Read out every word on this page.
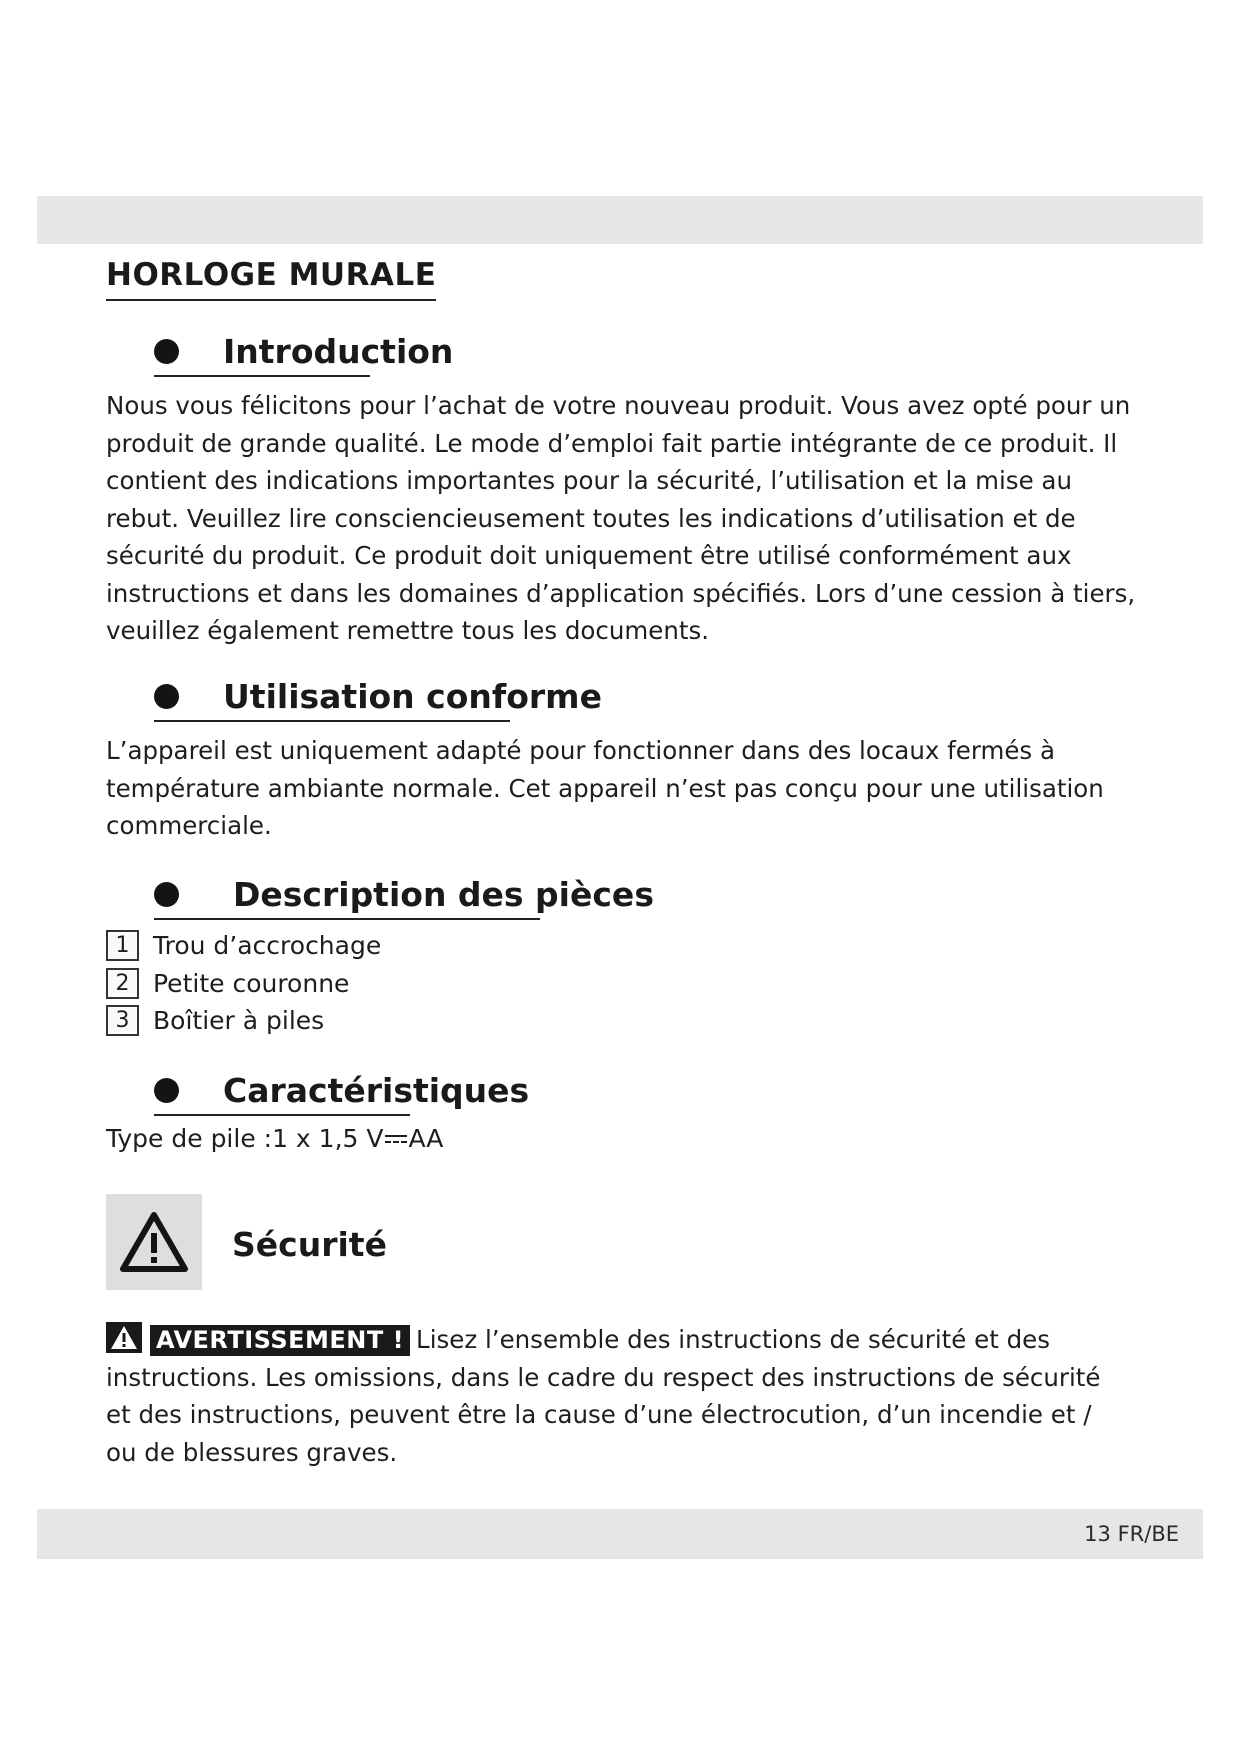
HORLOGE MURALE
Introduction

Nous vous félicitons pour l’achat de votre nouveau produit. Vous avez opté pour un produit de grande qualité. Le mode d’emploi fait partie intégrante de ce produit. Il contient des indications importantes pour la sécurité, l’utilisation et la mise au rebut. Veuillez lire consciencieusement toutes les indications d’utilisation et de sécurité du produit. Ce produit doit uniquement être utilisé conformément aux instructions et dans les domaines d’application spécifiés. Lors d’une cession à tiers, veuillez également remettre tous les documents.

Utilisation conforme

L’appareil est uniquement adapté pour fonctionner dans des locaux fermés à température ambiante normale. Cet appareil n’est pas conçu pour une utilisation commerciale.

Description des pièces
1 Trou d’accrochage
2 Petite couronne
3 Boîtier à piles
Caractéristiques
Type de pile :1 x 1,5 V AA
Sécurité

AVERTISSEMENT ! Lisez l’ensemble des instructions de sécurité et des instructions. Les omissions, dans le cadre du respect des instructions de sécurité et des instructions, peuvent être la cause d’une électrocution, d’un incendie et / ou de blessures graves.

13 FR/BE
